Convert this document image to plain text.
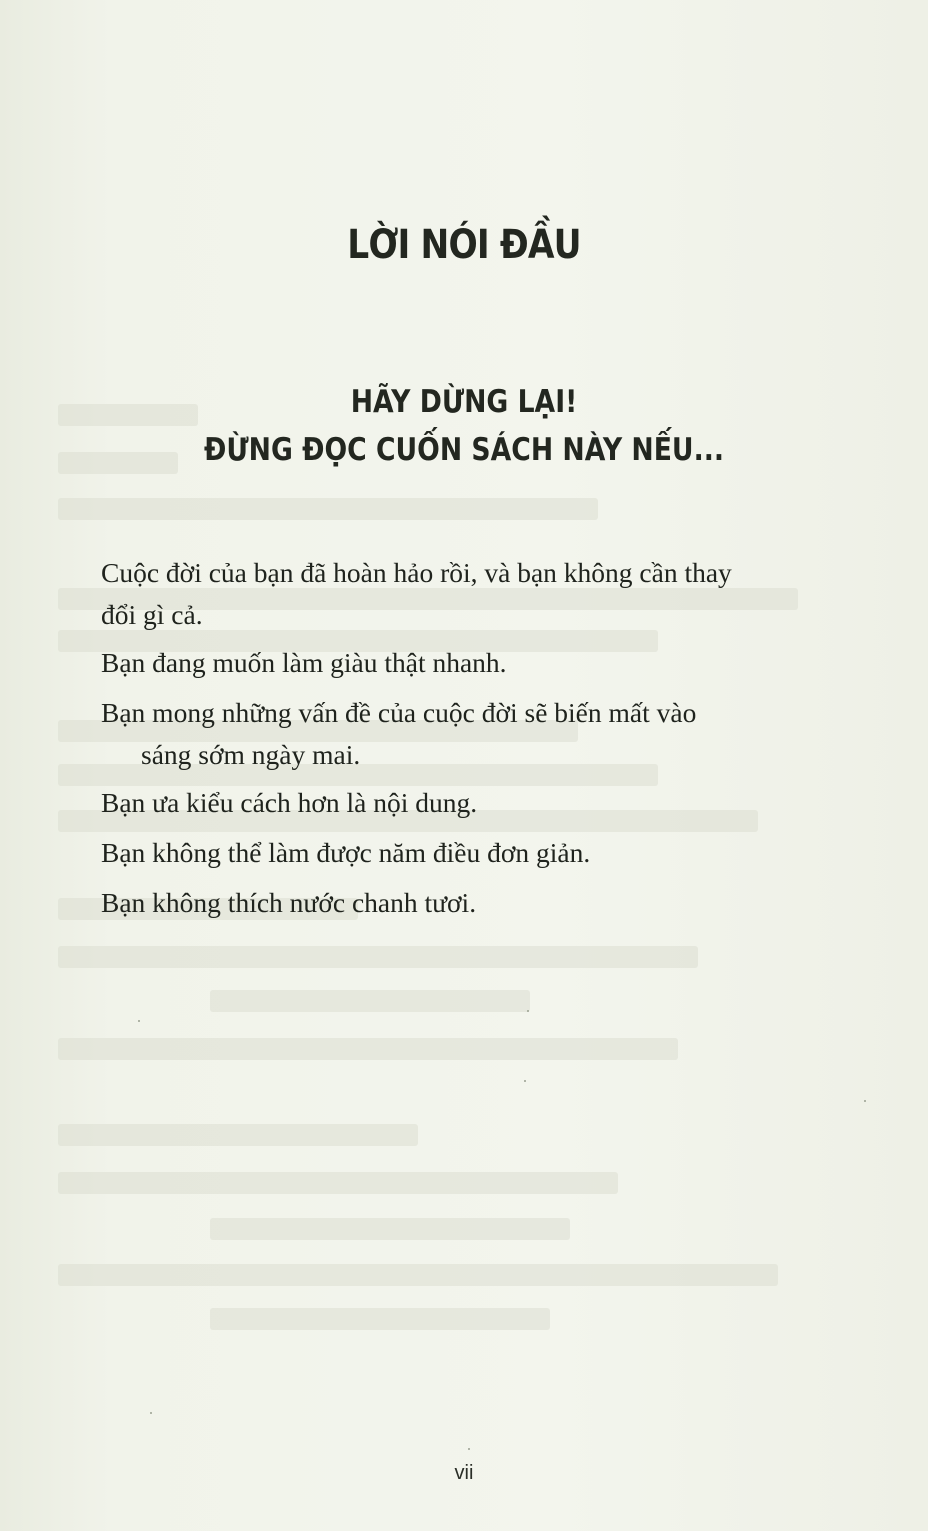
LỜI NÓI ĐẦU
HÃY DỪNG LẠI!
ĐỪNG ĐỌC CUỐN SÁCH NÀY NẾU...

Cuộc đời của bạn đã hoàn hảo rồi, và bạn không cần thay
đổi gì cả.

Bạn đang muốn làm giàu thật nhanh.

Bạn mong những vấn đề của cuộc đời sẽ biến mất vào
sáng sớm ngày mai.

Bạn ưa kiểu cách hơn là nội dung.

Bạn không thể làm được năm điều đơn giản.

Bạn không thích nước chanh tươi.

vii
